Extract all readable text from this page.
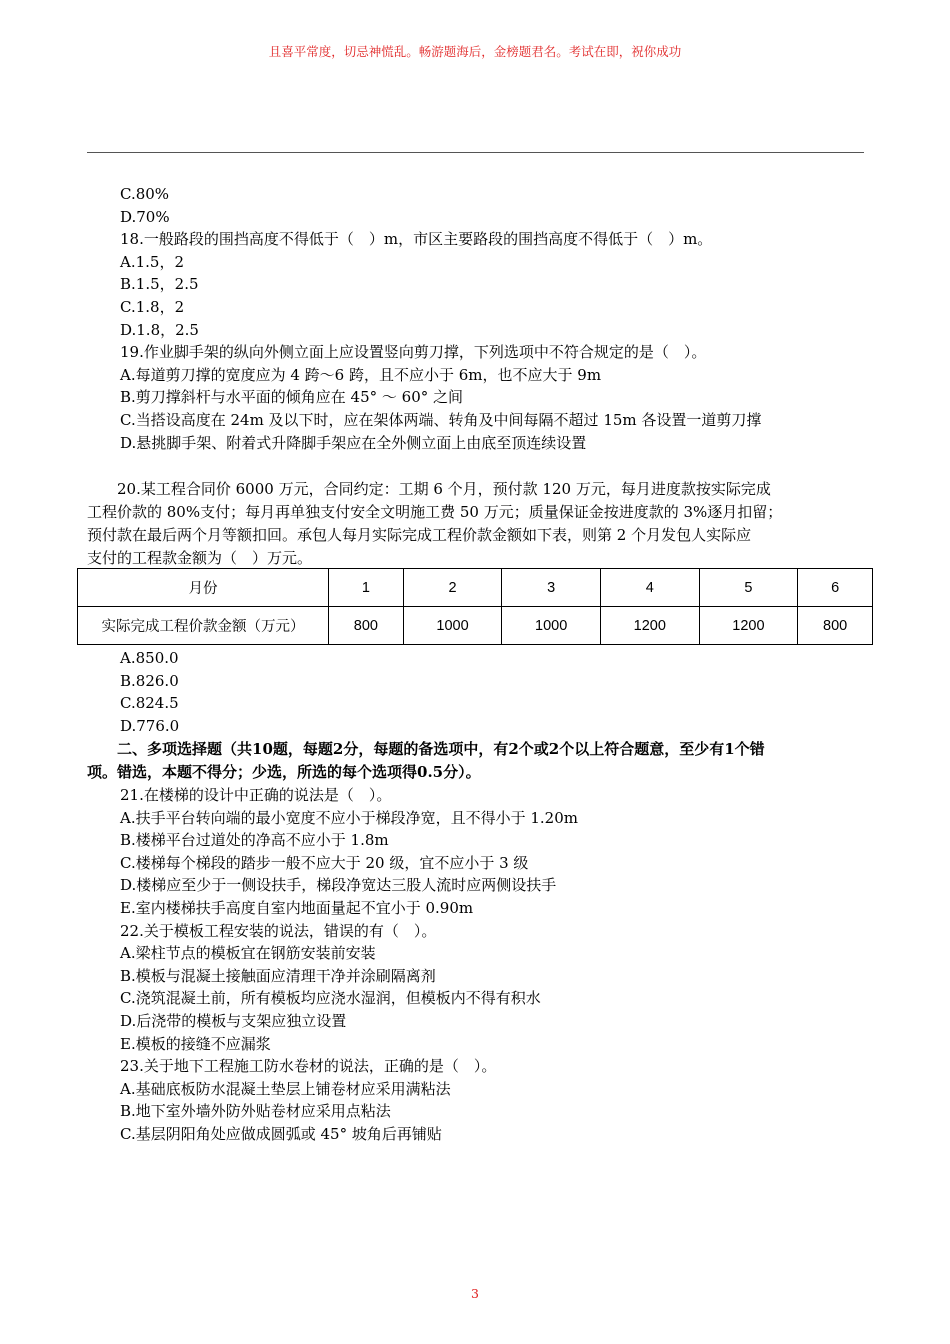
且喜平常度，切忌神慌乱。畅游题海后，金榜题君名。考试在即，祝你成功
C.80%
D.70%
18.一般路段的围挡高度不得低于（　）m，市区主要路段的围挡高度不得低于（　）m。
A.1.5，2
B.1.5，2.5
C.1.8，2
D.1.8，2.5
19.作业脚手架的纵向外侧立面上应设置竖向剪刀撑，下列选项中不符合规定的是（　）。
A.每道剪刀撑的宽度应为 4 跨～6 跨，且不应小于 6m，也不应大于 9m
B.剪刀撑斜杆与水平面的倾角应在 45° ～ 60° 之间
C.当搭设高度在 24m 及以下时，应在架体两端、转角及中间每隔不超过 15m 各设置一道剪刀撑
D.悬挑脚手架、附着式升降脚手架应在全外侧立面上由底至顶连续设置
　　20.某工程合同价 6000 万元，合同约定：工期 6 个月，预付款 120 万元，每月进度款按实际完成
工程价款的 80%支付；每月再单独支付安全文明施工费 50 万元；质量保证金按进度款的 3%逐月扣留；
预付款在最后两个月等额扣回。承包人每月实际完成工程价款金额如下表，则第 2 个月发包人实际应
支付的工程款金额为（　）万元。
月份	1	2	3	4	5	6
实际完成工程价款金额（万元）	800	1000	1000	1200	1200	800
A.850.0
B.826.0
C.824.5
D.776.0
　　二、多项选择题（共10题，每题2分，每题的备选项中，有2个或2个以上符合题意，至少有1个错
项。错选，本题不得分；少选，所选的每个选项得0.5分）。
21.在楼梯的设计中正确的说法是（　）。
A.扶手平台转向端的最小宽度不应小于梯段净宽，且不得小于 1.20m
B.楼梯平台过道处的净高不应小于 1.8m
C.楼梯每个梯段的踏步一般不应大于 20 级，宜不应小于 3 级
D.楼梯应至少于一侧设扶手，梯段净宽达三股人流时应两侧设扶手
E.室内楼梯扶手高度自室内地面量起不宜小于 0.90m
22.关于模板工程安装的说法，错误的有（　）。
A.梁柱节点的模板宜在钢筋安装前安装
B.模板与混凝土接触面应清理干净并涂刷隔离剂
C.浇筑混凝土前，所有模板均应浇水湿润，但模板内不得有积水
D.后浇带的模板与支架应独立设置
E.模板的接缝不应漏浆
23.关于地下工程施工防水卷材的说法，正确的是（　）。
A.基础底板防水混凝土垫层上铺卷材应采用满粘法
B.地下室外墙外防外贴卷材应采用点粘法
C.基层阴阳角处应做成圆弧或 45° 坡角后再铺贴
3
